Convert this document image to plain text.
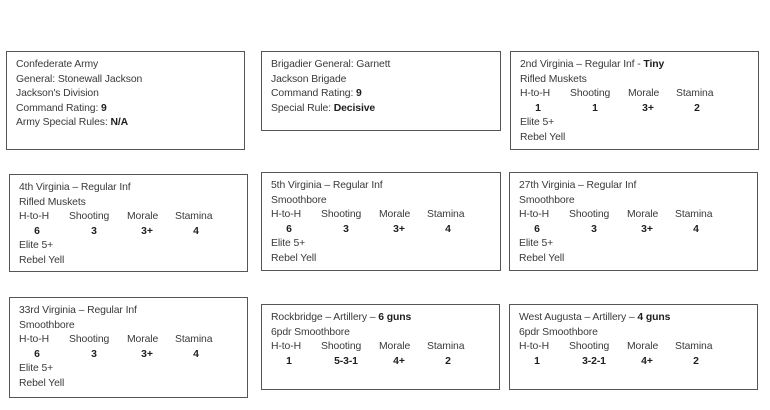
Confederate Army
General: Stonewall Jackson
Jackson's Division
Command Rating: 9
Army Special Rules: N/A
Brigadier General: Garnett
Jackson Brigade
Command Rating: 9
Special Rule: Decisive
2nd Virginia – Regular Inf - Tiny
Rifled Muskets
H-to-H	Shooting	Morale	Stamina
1	1	3+	2
Elite 5+
Rebel Yell
4th Virginia – Regular Inf
Rifled Muskets
H-to-H	Shooting	Morale	Stamina
6	3	3+	4
Elite 5+
Rebel Yell
5th Virginia – Regular Inf
Smoothbore
H-to-H	Shooting	Morale	Stamina
6	3	3+	4
Elite 5+
Rebel Yell
27th Virginia – Regular Inf
Smoothbore
H-to-H	Shooting	Morale	Stamina
6	3	3+	4
Elite 5+
Rebel Yell
33rd Virginia – Regular Inf
Smoothbore
H-to-H	Shooting	Morale	Stamina
6	3	3+	4
Elite 5+
Rebel Yell
Rockbridge – Artillery – 6 guns
6pdr Smoothbore
H-to-H	Shooting	Morale	Stamina
1	5-3-1	4+	2
West Augusta – Artillery – 4 guns
6pdr Smoothbore
H-to-H	Shooting	Morale	Stamina
1	3-2-1	4+	2
